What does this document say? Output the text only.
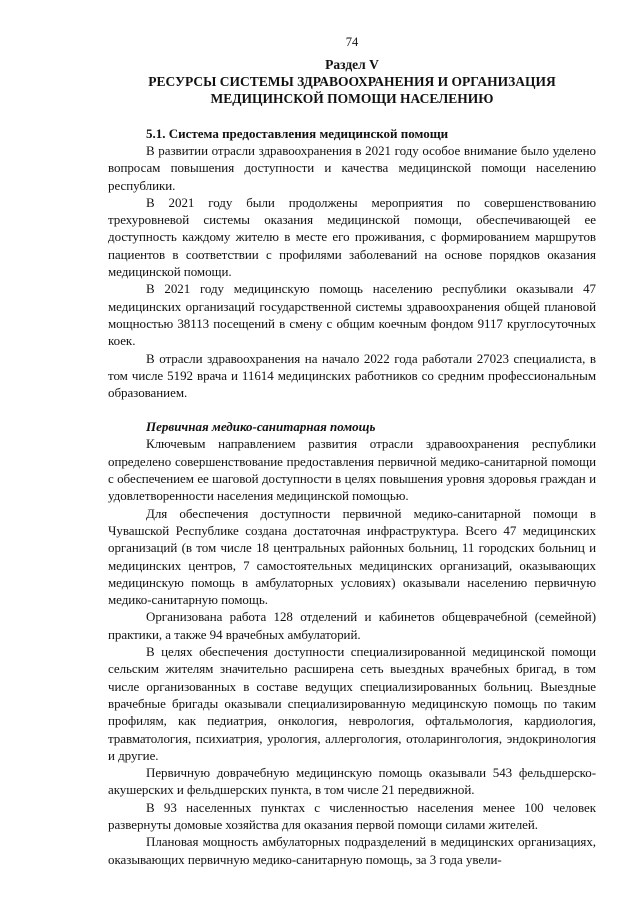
74
Раздел V
РЕСУРСЫ СИСТЕМЫ ЗДРАВООХРАНЕНИЯ И ОРГАНИЗАЦИЯ МЕДИЦИНСКОЙ ПОМОЩИ НАСЕЛЕНИЮ
5.1. Система предоставления медицинской помощи

В развитии отрасли здравоохранения в 2021 году особое внимание было уделено вопросам повышения доступности и качества медицинской помощи населению республики.

В 2021 году были продолжены мероприятия по совершенствованию трехуровневой системы оказания медицинской помощи, обеспечивающей ее доступность каждому жителю в месте его проживания, с формированием маршрутов пациентов в соответствии с профилями заболеваний на основе порядков оказания медицинской помощи.

В 2021 году медицинскую помощь населению республики оказывали 47 медицинских организаций государственной системы здравоохранения общей плановой мощностью 38113 посещений в смену с общим коечным фондом 9117 круглосуточных коек.

В отрасли здравоохранения на начало 2022 года работали 27023 специалиста, в том числе 5192 врача и 11614 медицинских работников со средним профессиональным образованием.

Первичная медико-санитарная помощь

Ключевым направлением развития отрасли здравоохранения республики определено совершенствование предоставления первичной медико-санитарной помощи с обеспечением ее шаговой доступности в целях повышения уровня здоровья граждан и удовлетворенности населения медицинской помощью.

Для обеспечения доступности первичной медико-санитарной помощи в Чувашской Республике создана достаточная инфраструктура. Всего 47 медицинских организаций (в том числе 18 центральных районных больниц, 11 городских больниц и медицинских центров, 7 самостоятельных медицинских организаций, оказывающих медицинскую помощь в амбулаторных условиях) оказывали населению первичную медико-санитарную помощь.

Организована работа 128 отделений и кабинетов общеврачебной (семейной) практики, а также 94 врачебных амбулаторий.

В целях обеспечения доступности специализированной медицинской помощи сельским жителям значительно расширена сеть выездных врачебных бригад, в том числе организованных в составе ведущих специализированных больниц. Выездные врачебные бригады оказывали специализированную медицинскую помощь по таким профилям, как педиатрия, онкология, неврология, офтальмология, кардиология, травматология, психиатрия, урология, аллергология, отоларингология, эндокринология и другие.

Первичную доврачебную медицинскую помощь оказывали 543 фельдшерско-акушерских и фельдшерских пункта, в том числе 21 передвижной.

В 93 населенных пунктах с численностью населения менее 100 человек развернуты домовые хозяйства для оказания первой помощи силами жителей.

Плановая мощность амбулаторных подразделений в медицинских организациях, оказывающих первичную медико-санитарную помощь, за 3 года увели-
